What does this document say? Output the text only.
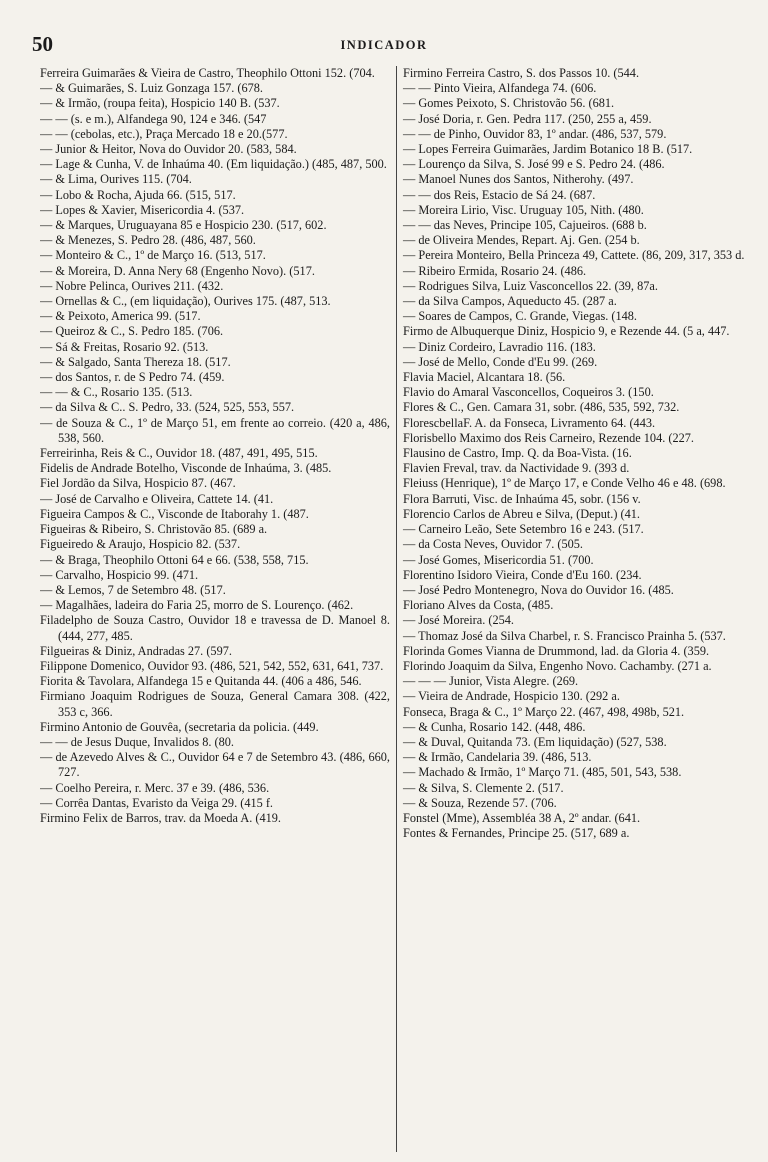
50	INDICADOR

Ferreira Guimarães & Vieira de Castro, Theophilo Ottoni 152. (704.

— & Guimarães, S. Luiz Gonzaga 157. (678.

— & Irmão, (roupa feita), Hospicio 140 B. (537.

— — (s. e m.), Alfandega 90, 124 e 346. (547

— — (cebolas, etc.), Praça Mercado 18 e 20.(577.

— Junior & Heitor, Nova do Ouvidor 20. (583, 584.

— Lage & Cunha, V. de Inhaúma 40. (Em liquidação.) (485, 487, 500.

— & Lima, Ourives 115. (704.

— Lobo & Rocha, Ajuda 66. (515, 517.

— Lopes & Xavier, Misericordia 4. (537.

— & Marques, Uruguayana 85 e Hospicio 230. (517, 602.

— & Menezes, S. Pedro 28. (486, 487, 560.

— Monteiro & C., 1º de Março 16. (513, 517.

— & Moreira, D. Anna Nery 68 (Engenho Novo). (517.

— Nobre Pelinca, Ourives 211. (432.

— Ornellas & C., (em liquidação), Ourives 175. (487, 513.

— & Peixoto, America 99. (517.

— Queiroz & C., S. Pedro 185. (706.

— Sá & Freitas, Rosario 92. (513.

— & Salgado, Santa Thereza 18. (517.

— dos Santos, r. de S Pedro 74. (459.

— — & C., Rosario 135. (513.

— da Silva & C.. S. Pedro, 33. (524, 525, 553, 557.

— de Souza & C., 1º de Março 51, em frente ao correio. (420 a, 486, 538, 560.

Ferreirinha, Reis & C., Ouvidor 18. (487, 491, 495, 515.

Fidelis de Andrade Botelho, Visconde de Inhaúma, 3. (485.

Fiel Jordão da Silva, Hospicio 87. (467.

— José de Carvalho e Oliveira, Cattete 14. (41.

Figueira Campos & C., Visconde de Itaborahy 1. (487.

Figueiras & Ribeiro, S. Christovão 85. (689 a.

Figueiredo & Araujo, Hospicio 82. (537.

— & Braga, Theophilo Ottoni 64 e 66. (538, 558, 715.

— Carvalho, Hospicio 99. (471.

— & Lemos, 7 de Setembro 48. (517.

— Magalhães, ladeira do Faria 25, morro de S. Lourenço. (462.

Filadelpho de Souza Castro, Ouvidor 18 e travessa de D. Manoel 8. (444, 277, 485.

Filgueiras & Diniz, Andradas 27. (597.

Filippone Domenico, Ouvidor 93. (486, 521, 542, 552, 631, 641, 737.

Fiorita & Tavolara, Alfandega 15 e Quitanda 44. (406 a 486, 546.

Firmiano Joaquim Rodrigues de Souza, General Camara 308. (422, 353 c, 366.

Firmino Antonio de Gouvêa, (secretaria da policia. (449.

— — de Jesus Duque, Invalidos 8. (80.

— de Azevedo Alves & C., Ouvidor 64 e 7 de Setembro 43. (486, 660, 727.

— Coelho Pereira, r. Merc. 37 e 39. (486, 536.

— Corrêa Dantas, Evaristo da Veiga 29. (415 f.

Firmino Felix de Barros, trav. da Moeda A. (419.

Firmino Ferreira Castro, S. dos Passos 10. (544.

— — Pinto Vieira, Alfandega 74. (606.

— Gomes Peixoto, S. Christovão 56. (681.

— José Doria, r. Gen. Pedra 117. (250, 255 a, 459.

— — de Pinho, Ouvidor 83, 1º andar. (486, 537, 579.

— Lopes Ferreira Guimarães, Jardim Botanico 18 B. (517.

— Lourenço da Silva, S. José 99 e S. Pedro 24. (486.

— Manoel Nunes dos Santos, Nitherohy. (497.

— — dos Reis, Estacio de Sá 24. (687.

— Moreira Lirio, Visc. Uruguay 105, Nith. (480.

— — das Neves, Principe 105, Cajueiros. (688 b.

— de Oliveira Mendes, Repart. Aj. Gen. (254 b.

— Pereira Monteiro, Bella Princeza 49, Cattete. (86, 209, 317, 353 d.

— Ribeiro Ermida, Rosario 24. (486.

— Rodrigues Silva, Luiz Vasconcellos 22. (39, 87a.

— da Silva Campos, Aqueducto 45. (287 a.

— Soares de Campos, C. Grande, Viegas. (148.

Firmo de Albuquerque Diniz, Hospicio 9, e Rezende 44. (5 a, 447.

— Diniz Cordeiro, Lavradio 116. (183.

— José de Mello, Conde d'Eu 99. (269.

Flavia Maciel, Alcantara 18. (56.

Flavio do Amaral Vasconcellos, Coqueiros 3. (150.

Flores & C., Gen. Camara 31, sobr. (486, 535, 592, 732.

FlorescbellaF. A. da Fonseca, Livramento 64. (443.

Florisbello Maximo dos Reis Carneiro, Rezende 104. (227.

Flausino de Castro, Imp. Q. da Boa-Vista. (16.

Flavien Freval, trav. da Nactividade 9. (393 d.

Fleiuss (Henrique), 1º de Março 17, e Conde Velho 46 e 48. (698.

Flora Barruti, Visc. de Inhaúma 45, sobr. (156 v.

Florencio Carlos de Abreu e Silva, (Deput.) (41.

— Carneiro Leão, Sete Setembro 16 e 243. (517.

— da Costa Neves, Ouvidor 7. (505.

— José Gomes, Misericordia 51. (700.

Florentino Isidoro Vieira, Conde d'Eu 160. (234.

— José Pedro Montenegro, Nova do Ouvidor 16. (485.

Floriano Alves da Costa, (485.

— José Moreira. (254.

— Thomaz José da Silva Charbel, r. S. Francisco Prainha 5. (537.

Florinda Gomes Vianna de Drummond, lad. da Gloria 4. (359.

Florindo Joaquim da Silva, Engenho Novo. Cachamby. (271 a.

— — — Junior, Vista Alegre. (269.

— Vieira de Andrade, Hospicio 130. (292 a.

Fonseca, Braga & C., 1º Março 22. (467, 498, 498b, 521.

— & Cunha, Rosario 142. (448, 486.

— & Duval, Quitanda 73. (Em liquidação) (527, 538.

— & Irmão, Candelaria 39. (486, 513.

— Machado & Irmão, 1º Março 71. (485, 501, 543, 538.

— & Silva, S. Clemente 2. (517.

— & Souza, Rezende 57. (706.

Fonstel (Mme), Assembléa 38 A, 2º andar. (641.

Fontes & Fernandes, Principe 25. (517, 689 a.
